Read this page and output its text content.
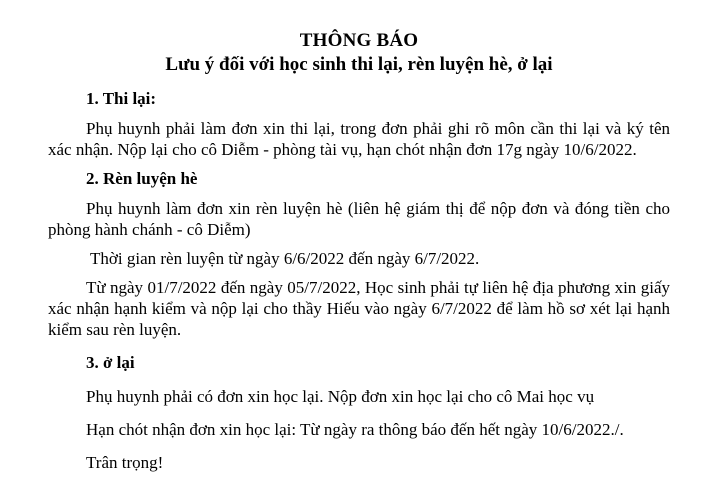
THÔNG BÁO

Lưu ý đối với học sinh thi lại, rèn luyện hè, ở lại

1. Thi lại:

Phụ huynh phải làm đơn xin thi lại, trong đơn phải ghi rõ môn cần thi lại và ký tên xác nhận. Nộp lại cho cô Diễm - phòng tài vụ, hạn chót nhận đơn 17g ngày 10/6/2022.

2. Rèn luyện hè

Phụ huynh làm đơn xin rèn luyện hè (liên hệ giám thị để nộp đơn và đóng tiền cho phòng hành chánh - cô Diễm)

Thời gian rèn luyện từ ngày 6/6/2022 đến ngày 6/7/2022.

Từ ngày 01/7/2022 đến ngày 05/7/2022, Học sinh phải tự liên hệ địa phương xin giấy xác nhận hạnh kiểm và nộp lại cho thầy Hiếu vào ngày 6/7/2022 để làm hồ sơ xét lại hạnh kiểm sau rèn luyện.

3. ở lại

Phụ huynh phải có đơn xin học lại. Nộp đơn xin học lại cho cô Mai học vụ

Hạn chót nhận đơn xin học lại: Từ ngày ra thông báo đến hết ngày 10/6/2022./.

Trân trọng!
